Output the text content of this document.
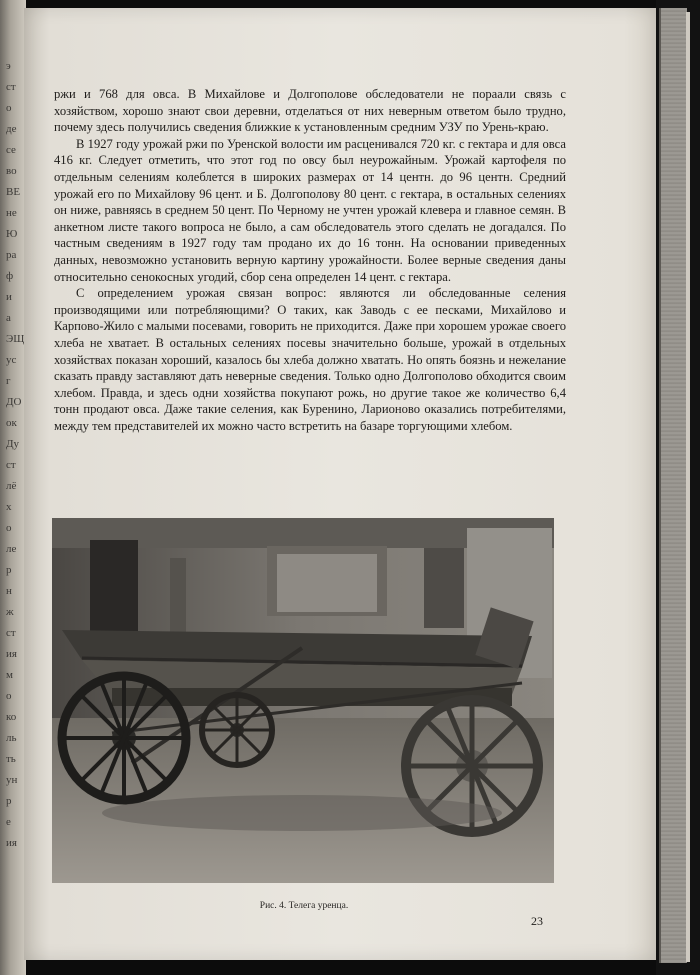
э
ст
о
де
се
во
ВЕ
не
Ю
ра
ф
и
а
ЭЩ
ус
г
ДО
ок
Ду
ст
лё
х
о
ле
р
н
ж
ст
ия
м
о
ко
ль
ть
ун
р
е
ия

ржи и 768 для овса. В Михайлове и Долгополове обследователи не пораали связь с хозяйством, хорошо знают свои деревни, отделаться от них неверным ответом было трудно, почему здесь получились сведения ближкие к установленным средним УЗУ по Урень-краю.

В 1927 году урожай ржи по Уренской волости им расценивался 720 кг. с гектара и для овса 416 кг. Следует отметить, что этот год по овсу был неурожайным. Урожай картофеля по отдельным селениям колеблется в широких размерах от 14 центн. до 96 центн. Средний урожай его по Михайлову 96 цент. и Б. Долгополову 80 цент. с гектара, в остальных селениях он ниже, равняясь в среднем 50 цент. По Черному не учтен урожай клевера и главное семян. В анкетном листе такого вопроса не было, а сам обследователь этого сделать не догадался. По частным сведениям в 1927 году там продано их до 16 тонн. На основании приведенных данных, невозможно установить верную картину урожайности. Более верные сведения даны относительно сенокосных угодий, сбор сена определен 14 цент. с гектара.

С определением урожая связан вопрос: являются ли обследованные селения производящими или потребляющими? О таких, как Заводь с ее песками, Михайлово и Карпово-Жило с малыми посевами, говорить не приходится. Даже при хорошем урожае своего хлеба не хватает. В остальных селениях посевы значительно больше, урожай в отдельных хозяйствах показан хороший, казалось бы хлеба должно хватать. Но опять боязнь и нежелание сказать правду заставляют дать неверные сведения. Только одно Долгополово обходится своим хлебом. Правда, и здесь одни хозяйства покупают рожь, но другие такое же количество 6,4 тонн продают овса. Даже такие селения, как Буренино, Ларионово оказались потребителями, между тем представителей их можно часто встретить на базаре торгующими хлебом.

Рис. 4. Телега уренца.
23
